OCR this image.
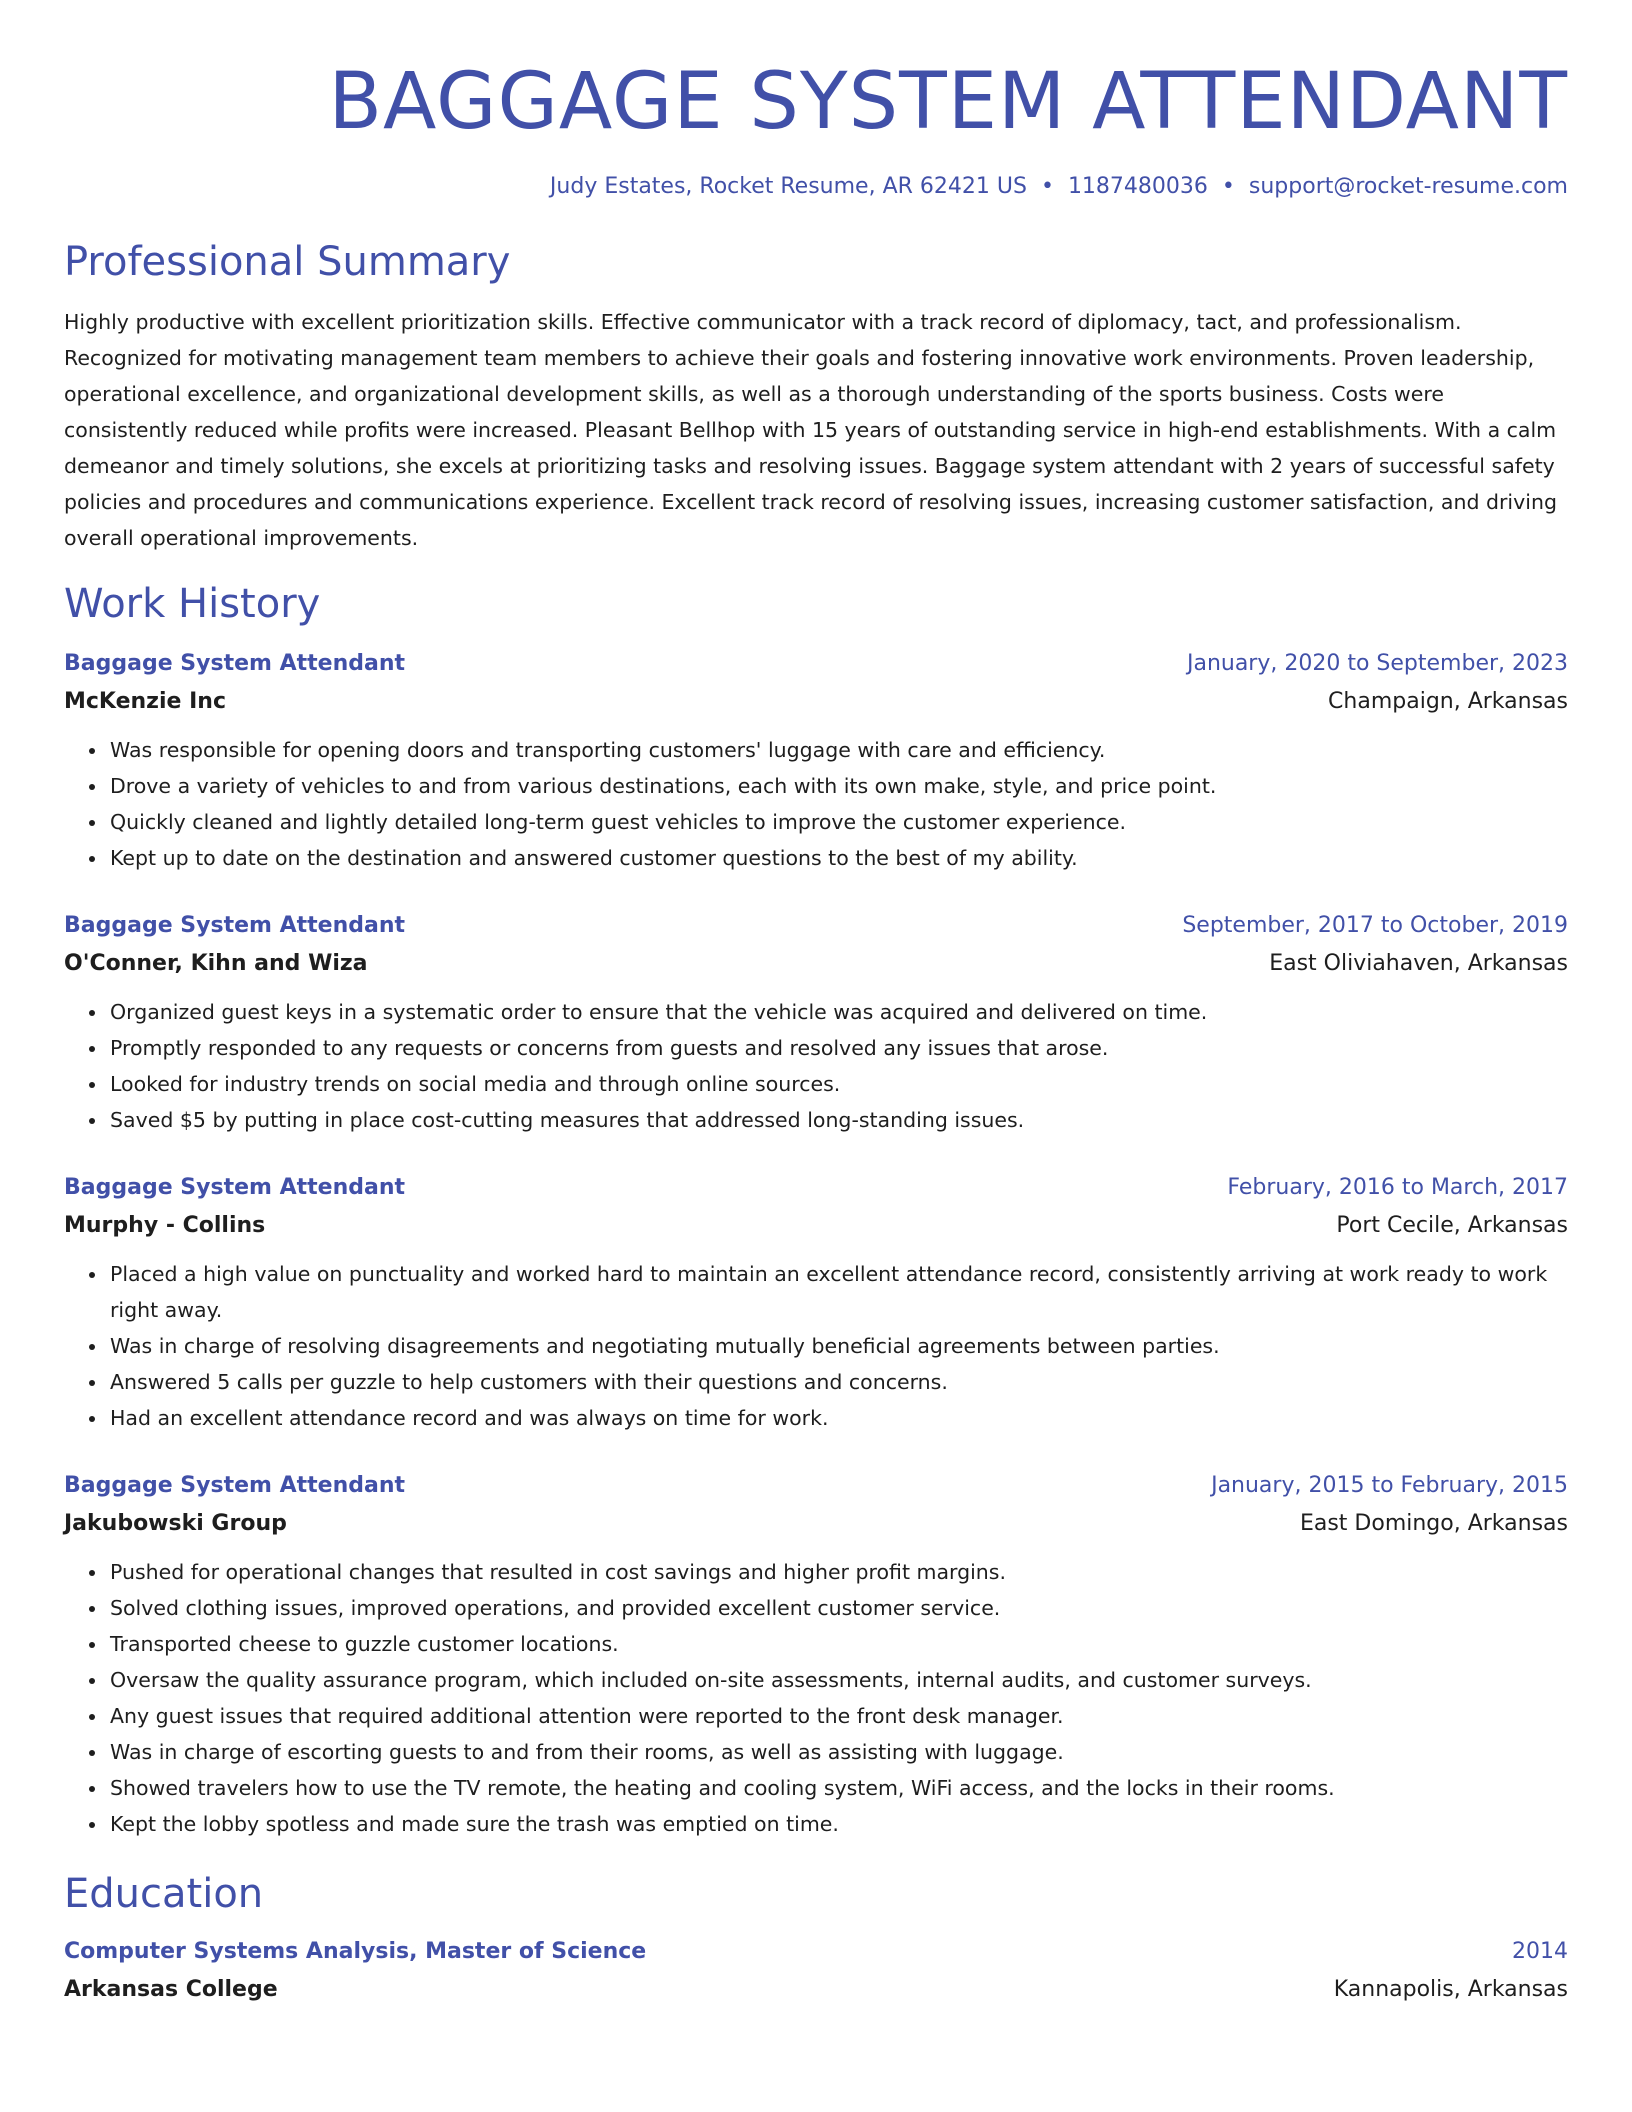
BAGGAGE SYSTEM ATTENDANT
Judy Estates, Rocket Resume, AR 62421 US • 1187480036 • support@rocket-resume.com
Professional Summary
Highly productive with excellent prioritization skills. Effective communicator with a track record of diplomacy, tact, and professionalism. Recognized for motivating management team members to achieve their goals and fostering innovative work environments. Proven leadership, operational excellence, and organizational development skills, as well as a thorough understanding of the sports business. Costs were consistently reduced while profits were increased. Pleasant Bellhop with 15 years of outstanding service in high-end establishments. With a calm demeanor and timely solutions, she excels at prioritizing tasks and resolving issues. Baggage system attendant with 2 years of successful safety policies and procedures and communications experience. Excellent track record of resolving issues, increasing customer satisfaction, and driving overall operational improvements.
Work History
Baggage System Attendant	January, 2020 to September, 2023
McKenzie Inc	Champaign, Arkansas
• Was responsible for opening doors and transporting customers' luggage with care and efficiency.
• Drove a variety of vehicles to and from various destinations, each with its own make, style, and price point.
• Quickly cleaned and lightly detailed long-term guest vehicles to improve the customer experience.
• Kept up to date on the destination and answered customer questions to the best of my ability.
Baggage System Attendant	September, 2017 to October, 2019
O'Conner, Kihn and Wiza	East Oliviahaven, Arkansas
• Organized guest keys in a systematic order to ensure that the vehicle was acquired and delivered on time.
• Promptly responded to any requests or concerns from guests and resolved any issues that arose.
• Looked for industry trends on social media and through online sources.
• Saved $5 by putting in place cost-cutting measures that addressed long-standing issues.
Baggage System Attendant	February, 2016 to March, 2017
Murphy - Collins	Port Cecile, Arkansas
• Placed a high value on punctuality and worked hard to maintain an excellent attendance record, consistently arriving at work ready to work right away.
• Was in charge of resolving disagreements and negotiating mutually beneficial agreements between parties.
• Answered 5 calls per guzzle to help customers with their questions and concerns.
• Had an excellent attendance record and was always on time for work.
Baggage System Attendant	January, 2015 to February, 2015
Jakubowski Group	East Domingo, Arkansas
• Pushed for operational changes that resulted in cost savings and higher profit margins.
• Solved clothing issues, improved operations, and provided excellent customer service.
• Transported cheese to guzzle customer locations.
• Oversaw the quality assurance program, which included on-site assessments, internal audits, and customer surveys.
• Any guest issues that required additional attention were reported to the front desk manager.
• Was in charge of escorting guests to and from their rooms, as well as assisting with luggage.
• Showed travelers how to use the TV remote, the heating and cooling system, WiFi access, and the locks in their rooms.
• Kept the lobby spotless and made sure the trash was emptied on time.
Education
Computer Systems Analysis, Master of Science	2014
Arkansas College	Kannapolis, Arkansas
